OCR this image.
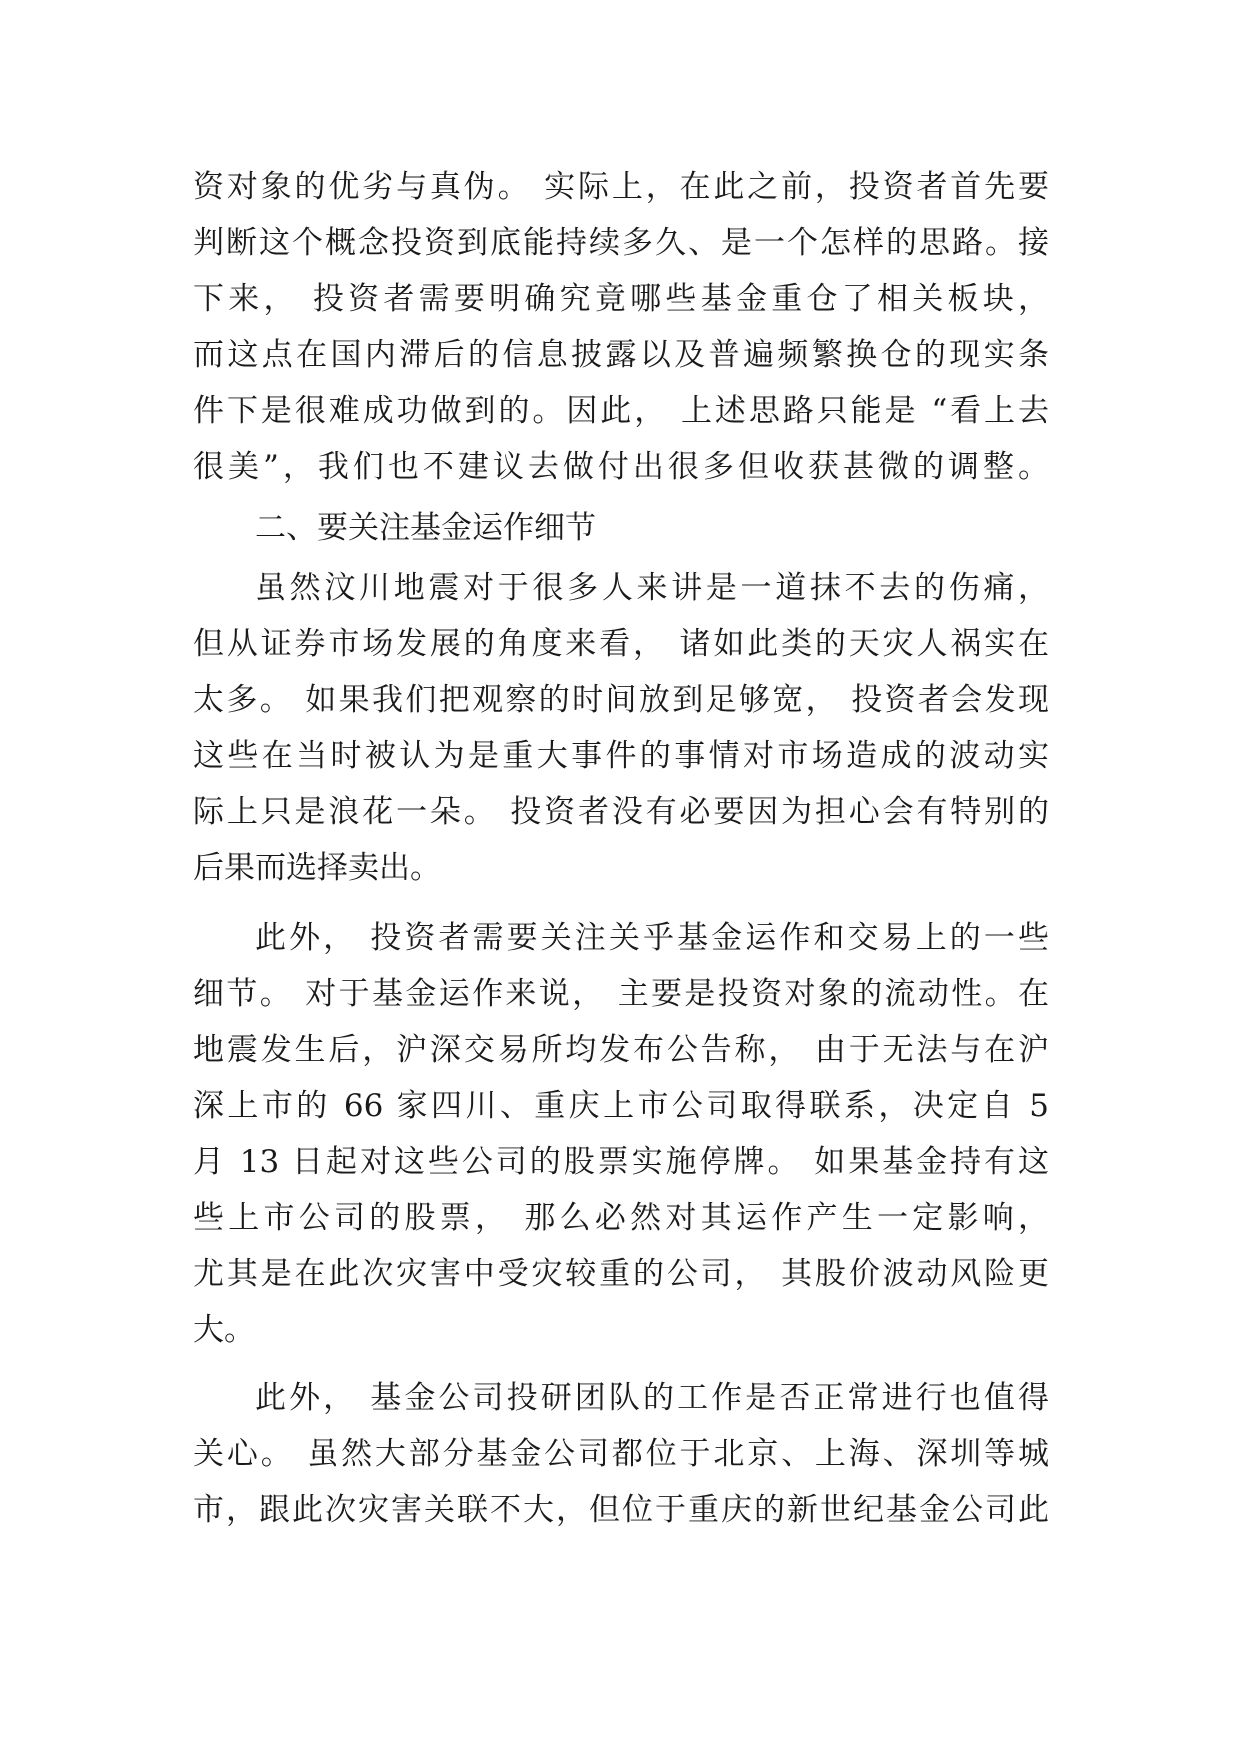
资对象的优劣与真伪。 实际上，在此之前，投资者首先要
判断这个概念投资到底能持续多久、是一个怎样的思路。接
下来， 投资者需要明确究竟哪些基金重仓了相关板块，
而这点在国内滞后的信息披露以及普遍频繁换仓的现实条
件下是很难成功做到的。因此， 上述思路只能是 “看上去
很美”，我们也不建议去做付出很多但收获甚微的调整。
二、要关注基金运作细节
虽然汶川地震对于很多人来讲是一道抹不去的伤痛，
但从证券市场发展的角度来看， 诸如此类的天灾人祸实在
太多。 如果我们把观察的时间放到足够宽， 投资者会发现
这些在当时被认为是重大事件的事情对市场造成的波动实
际上只是浪花一朵。 投资者没有必要因为担心会有特别的
后果而选择卖出。
此外， 投资者需要关注关乎基金运作和交易上的一些
细节。 对于基金运作来说， 主要是投资对象的流动性。在
地震发生后，沪深交易所均发布公告称， 由于无法与在沪
深上市的 66 家四川、重庆上市公司取得联系，决定自 5
月 13 日起对这些公司的股票实施停牌。 如果基金持有这
些上市公司的股票， 那么必然对其运作产生一定影响，
尤其是在此次灾害中受灾较重的公司， 其股价波动风险更
大。
此外， 基金公司投研团队的工作是否正常进行也值得
关心。 虽然大部分基金公司都位于北京、上海、深圳等城
市，跟此次灾害关联不大，但位于重庆的新世纪基金公司此
